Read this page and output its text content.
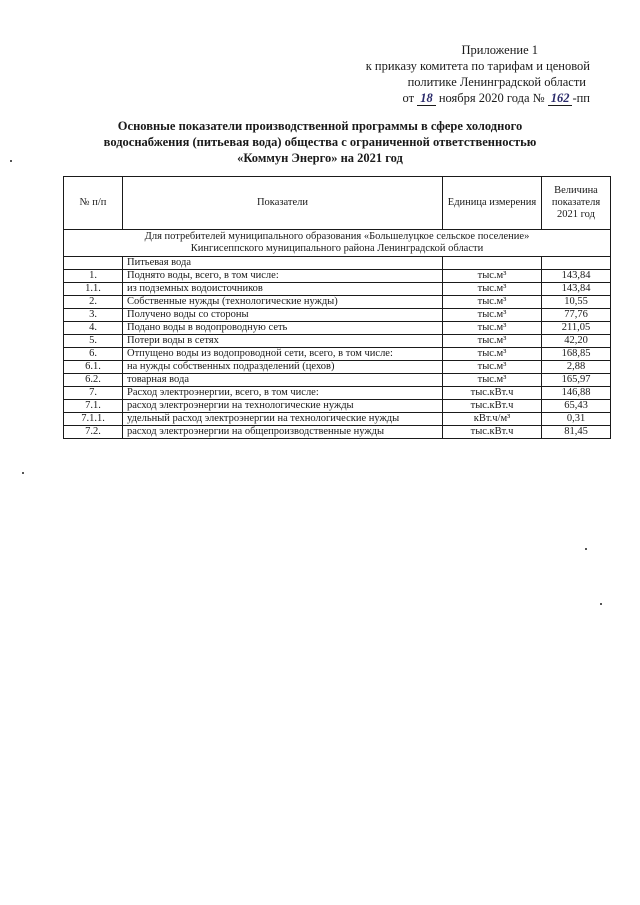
Приложение 1
к приказу комитета по тарифам и ценовой
политике Ленинградской области
от 18 ноября 2020 года № 162 -пп
Основные показатели производственной программы в сфере холодного
водоснабжения (питьевая вода) общества с ограниченной ответственностью
«Коммун Энерго» на 2021 год
№ п/п	Показатели	Единица измерения	Величина показателя 2021 год

Для потребителей муниципального образования «Большелуцкое сельское поселение»
Кингисеппского муниципального района Ленинградской области			

	Питьевая вода		
1.	Поднято воды, всего, в том числе:	тыс.м³	143,84
1.1.	из подземных водоисточников	тыс.м³	143,84
2.	Собственные нужды (технологические нужды)	тыс.м³	10,55
3.	Получено воды со стороны	тыс.м³	77,76
4.	Подано воды в водопроводную сеть	тыс.м³	211,05
5.	Потери воды в сетях	тыс.м³	42,20
6.	Отпущено воды из водопроводной сети, всего, в том числе:	тыс.м³	168,85
6.1.	на нужды собственных подразделений (цехов)	тыс.м³	2,88
6.2.	товарная вода	тыс.м³	165,97
7.	Расход электроэнергии, всего, в том числе:	тыс.кВт.ч	146,88
7.1.	расход электроэнергии на технологические нужды	тыс.кВт.ч	65,43
7.1.1.	удельный расход электроэнергии на технологические нужды	кВт.ч/м³	0,31
7.2.	расход электроэнергии на общепроизводственные нужды	тыс.кВт.ч	81,45
